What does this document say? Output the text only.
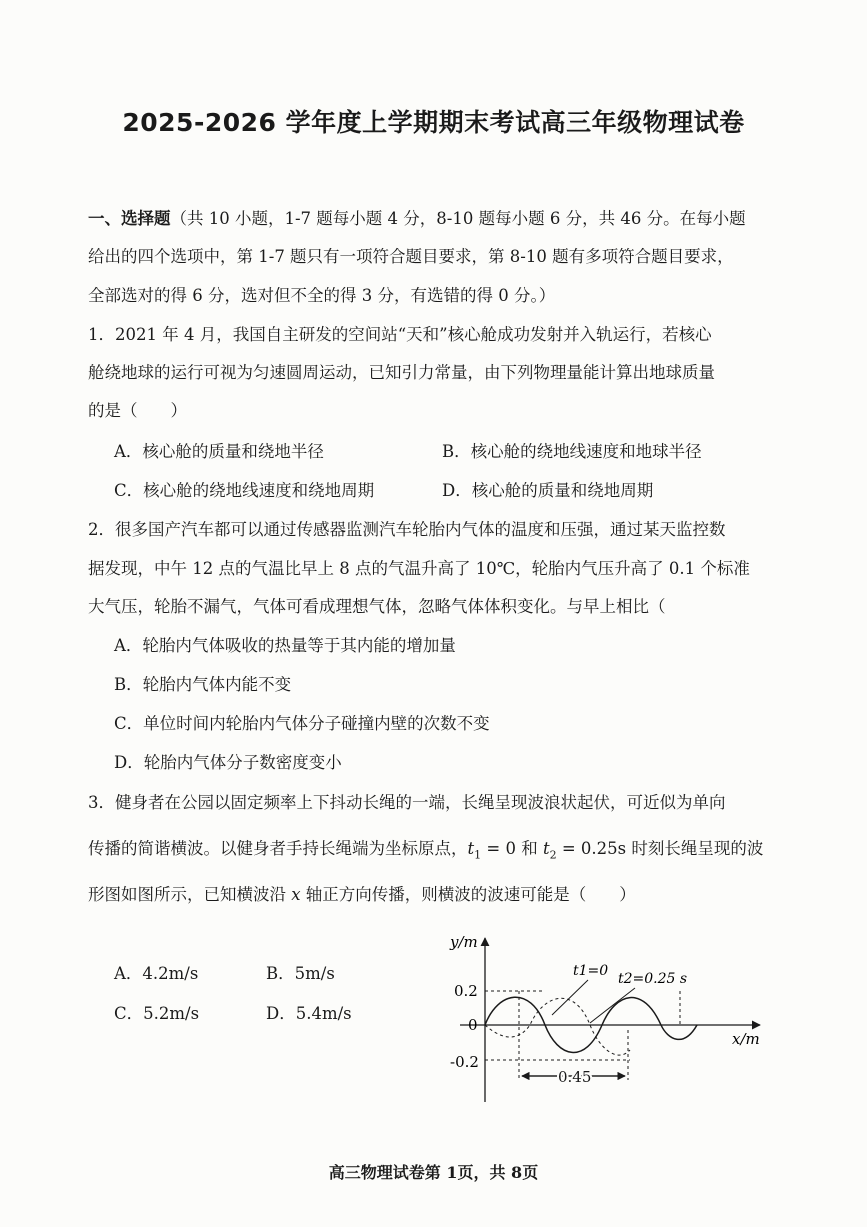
2025-2026 学年度上学期期末考试高三年级物理试卷
一、选择题（共 10 小题，1-7 题每小题 4 分，8-10 题每小题 6 分，共 46 分。在每小题
给出的四个选项中，第 1-7 题只有一项符合题目要求，第 8-10 题有多项符合题目要求，
全部选对的得 6 分，选对但不全的得 3 分，有选错的得 0 分。）
1．2021 年 4 月，我国自主研发的空间站“天和”核心舱成功发射并入轨运行，若核心
舱绕地球的运行可视为匀速圆周运动，已知引力常量，由下列物理量能计算出地球质量
的是（　　）
A．核心舱的质量和绕地半径	B．核心舱的绕地线速度和地球半径
C．核心舱的绕地线速度和绕地周期	D．核心舱的质量和绕地周期
2．很多国产汽车都可以通过传感器监测汽车轮胎内气体的温度和压强，通过某天监控数
据发现，中午 12 点的气温比早上 8 点的气温升高了 10℃，轮胎内气压升高了 0.1 个标准
大气压，轮胎不漏气，气体可看成理想气体，忽略气体体积变化。与早上相比（
A．轮胎内气体吸收的热量等于其内能的增加量
B．轮胎内气体内能不变
C．单位时间内轮胎内气体分子碰撞内壁的次数不变
D．轮胎内气体分子数密度变小
3．健身者在公园以固定频率上下抖动长绳的一端，长绳呈现波浪状起伏，可近似为单向
传播的简谐横波。以健身者手持长绳端为坐标原点，$t_1 = 0$ 和 $t_2 = 0.25s$ 时刻长绳呈现的波
形图如图所示，已知横波沿 x 轴正方向传播，则横波的波速可能是（　　）
A．4.2m/s	B．5m/s
C．5.2m/s	D．5.4m/s
y/m
x/m
0.2
0
-0.2
t1=0 t2=0.25 s
0.45
高三物理试卷第 1页，共 8页
